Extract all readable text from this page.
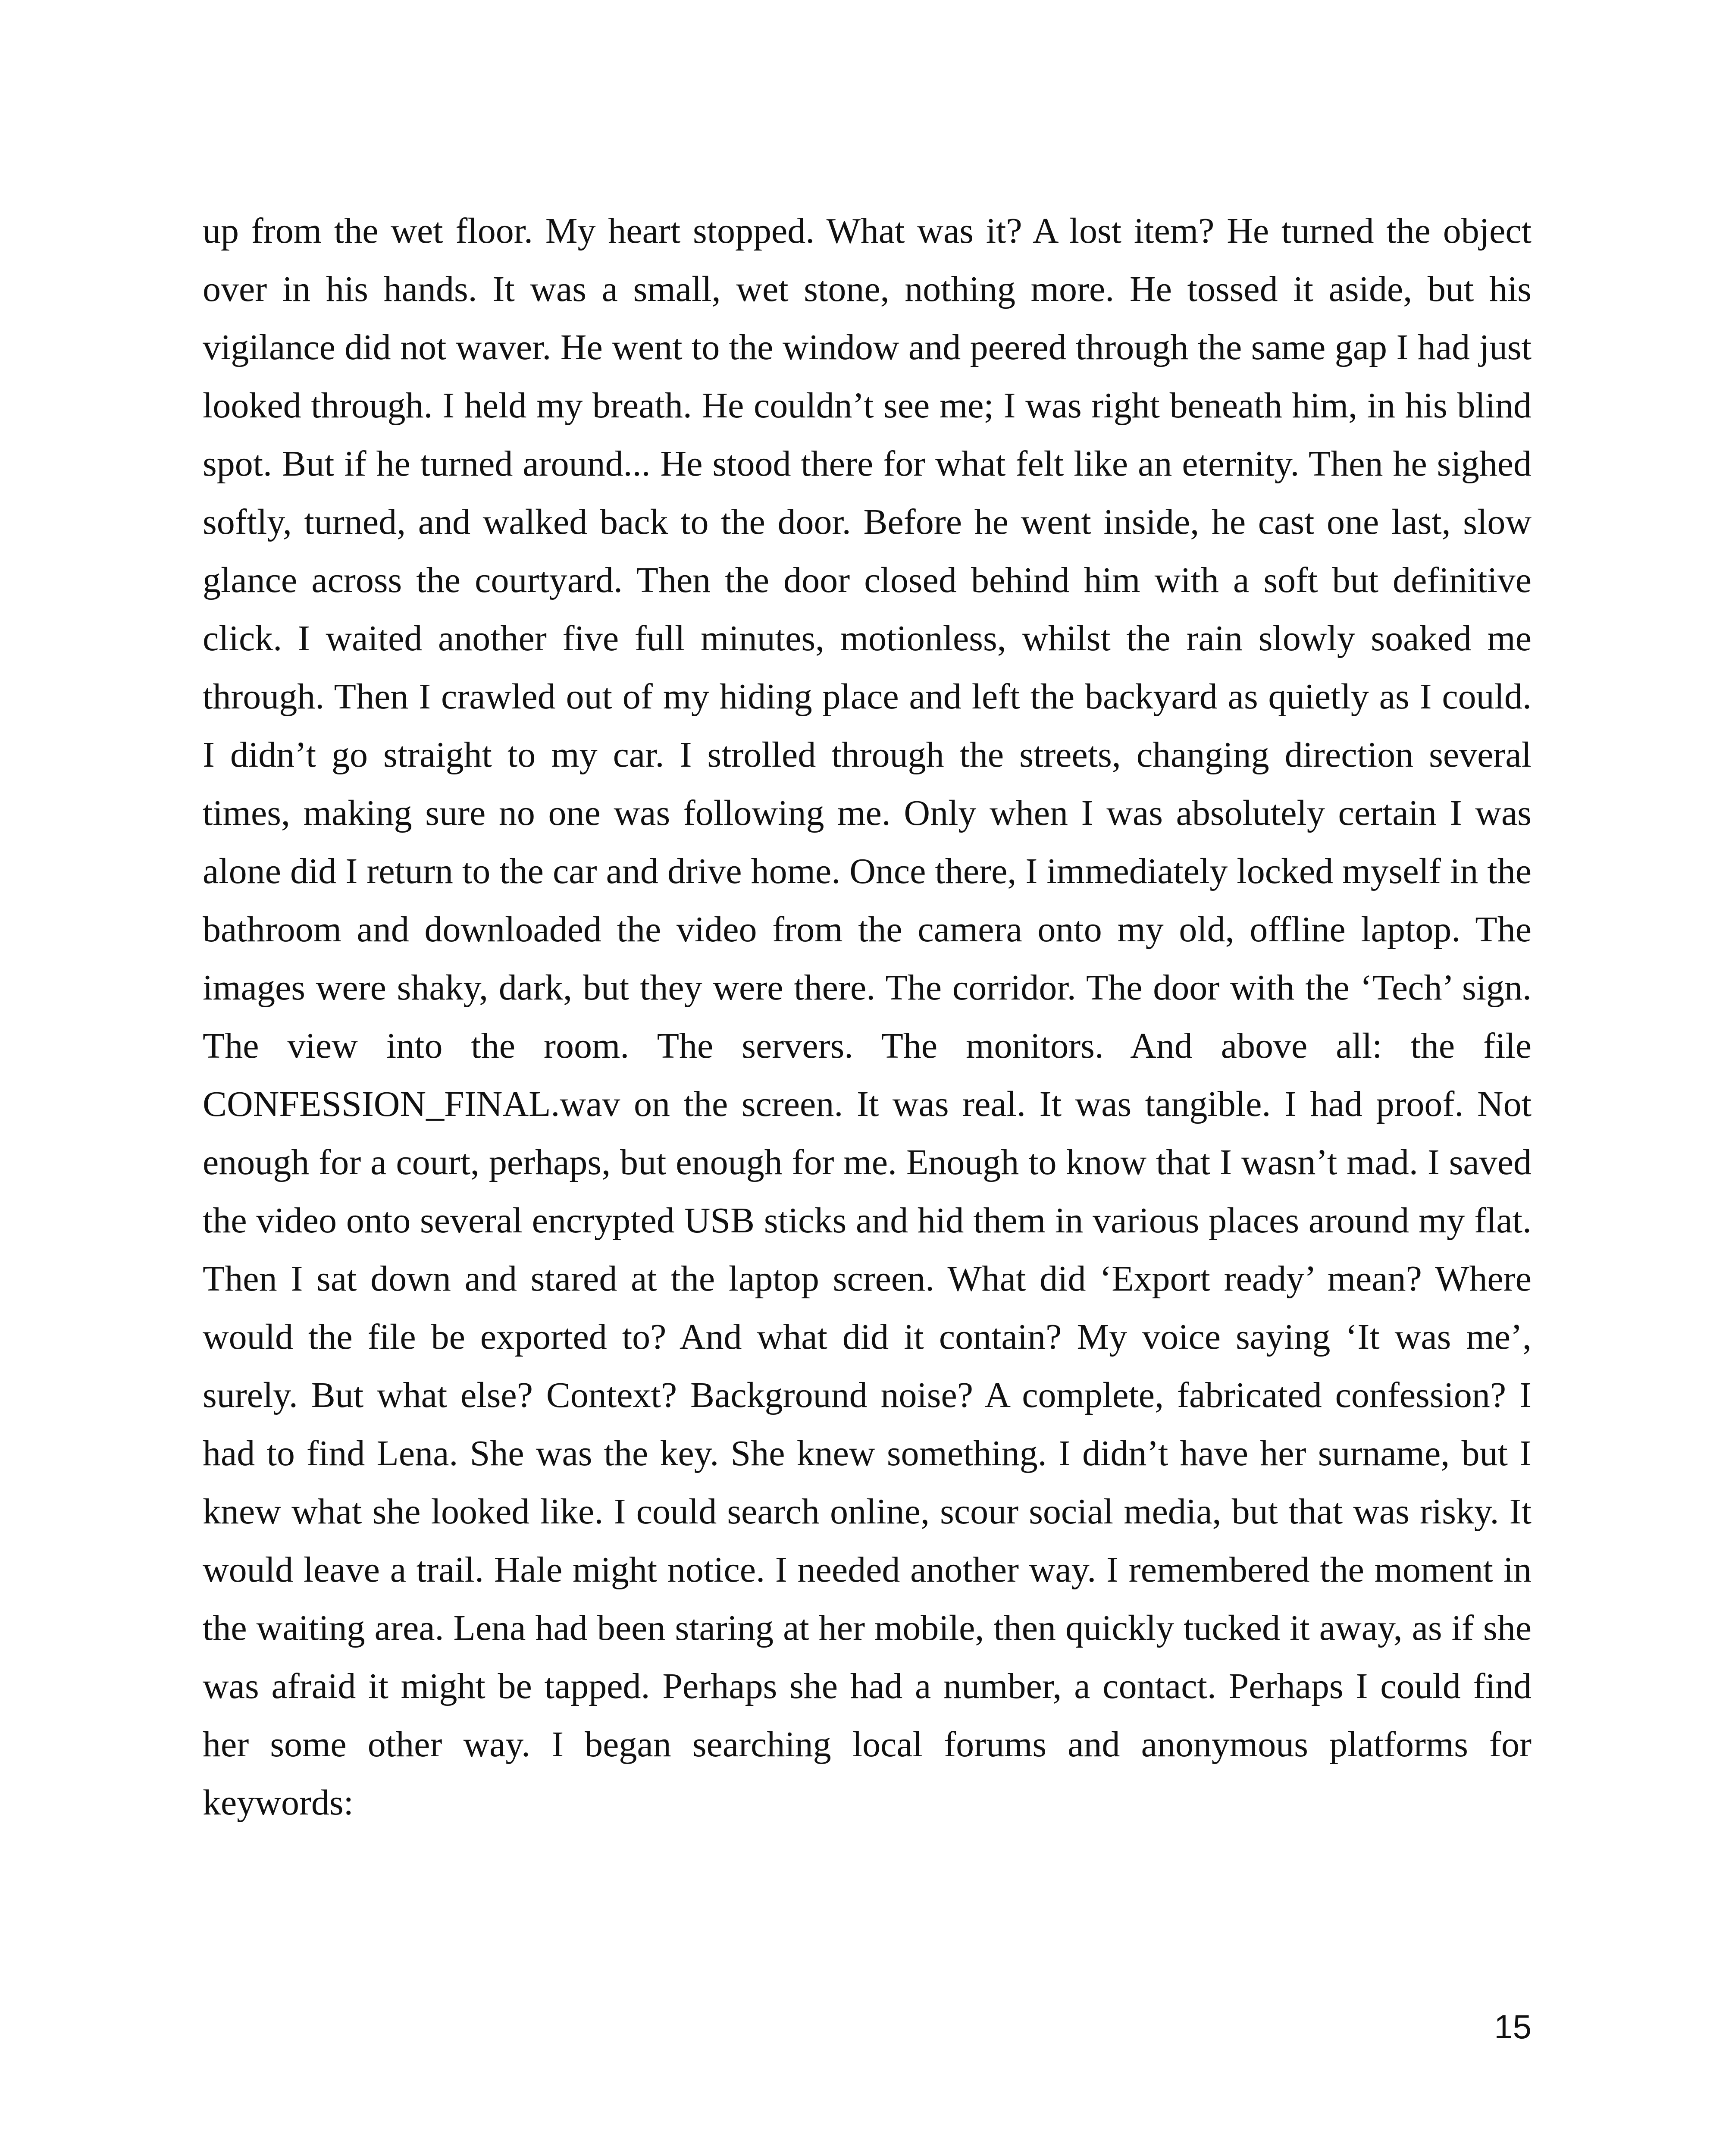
up from the wet floor. My heart stopped. What was it? A lost item? He turned the object over in his hands. It was a small, wet stone, nothing more. He tossed it aside, but his vigilance did not waver. He went to the window and peered through the same gap I had just looked through. I held my breath. He couldn’t see me; I was right beneath him, in his blind spot. But if he turned around... He stood there for what felt like an eternity. Then he sighed softly, turned, and walked back to the door. Before he went inside, he cast one last, slow glance across the courtyard. Then the door closed behind him with a soft but definitive click. I waited another five full minutes, motionless, whilst the rain slowly soaked me through. Then I crawled out of my hiding place and left the backyard as quietly as I could. I didn’t go straight to my car. I strolled through the streets, changing direction several times, making sure no one was following me. Only when I was absolutely certain I was alone did I return to the car and drive home. Once there, I immediately locked myself in the bathroom and downloaded the video from the camera onto my old, offline laptop. The images were shaky, dark, but they were there. The corridor. The door with the ‘Tech’ sign. The view into the room. The servers. The monitors. And above all: the file CONFESSION_FINAL.wav on the screen. It was real. It was tangible. I had proof. Not enough for a court, perhaps, but enough for me. Enough to know that I wasn’t mad. I saved the video onto several encrypted USB sticks and hid them in various places around my flat. Then I sat down and stared at the laptop screen. What did ‘Export ready’ mean? Where would the file be exported to? And what did it contain? My voice saying ‘It was me’, surely. But what else? Context? Background noise? A complete, fabricated confession? I had to find Lena. She was the key. She knew something. I didn’t have her surname, but I knew what she looked like. I could search online, scour social media, but that was risky. It would leave a trail. Hale might notice. I needed another way. I remembered the moment in the waiting area. Lena had been staring at her mobile, then quickly tucked it away, as if she was afraid it might be tapped. Perhaps she had a number, a contact. Perhaps I could find her some other way. I began searching local forums and anonymous platforms for keywords:

15
